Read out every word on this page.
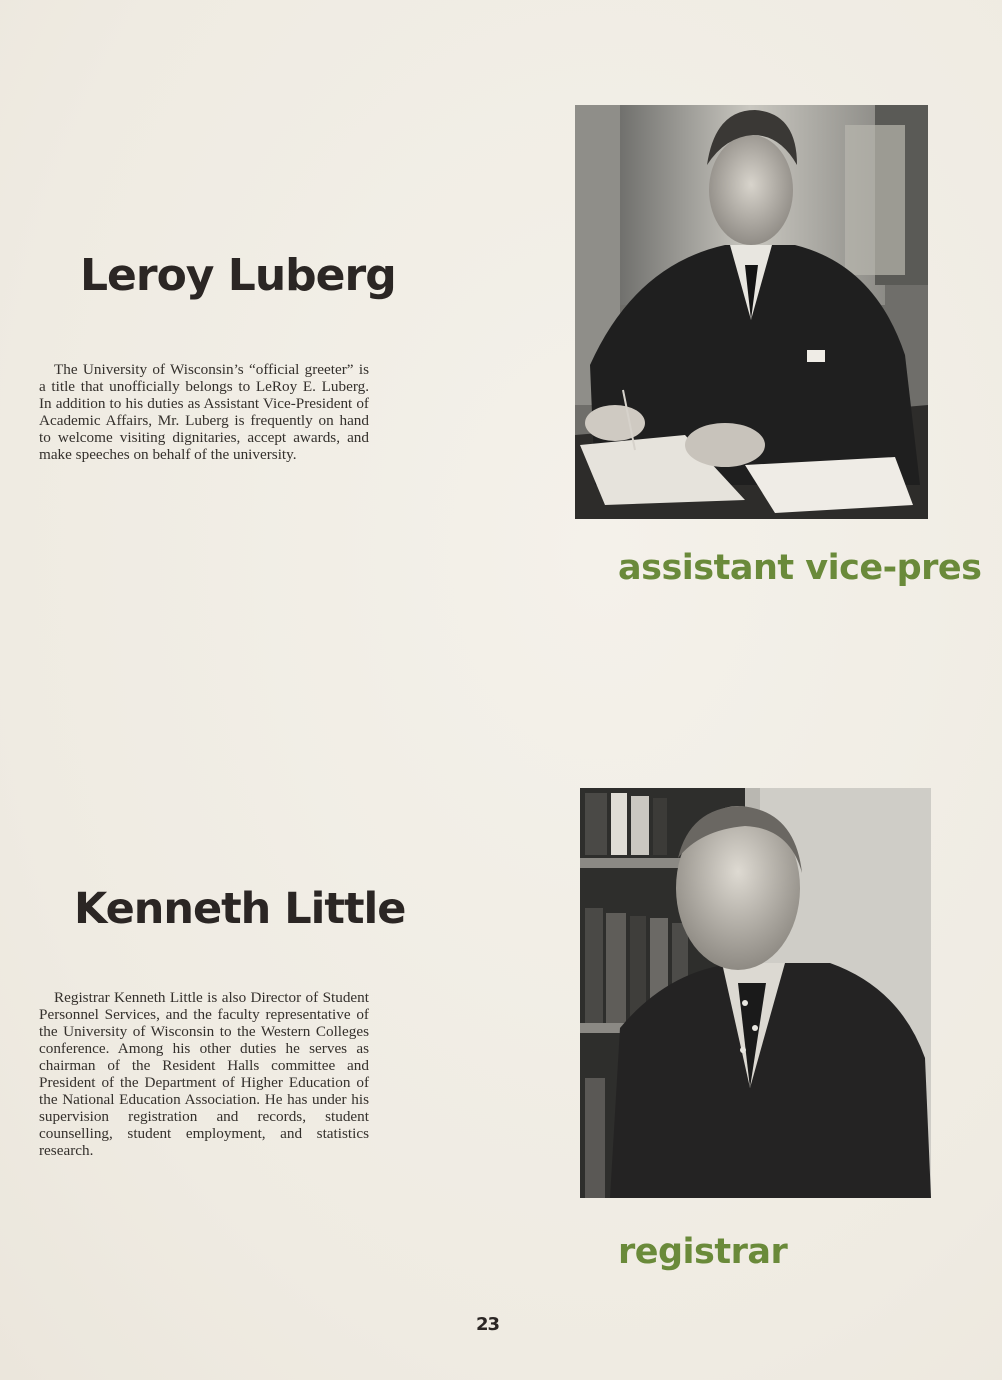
Leroy Luberg

The University of Wisconsin’s “official greeter” is a title that unofficially belongs to LeRoy E. Luberg. In addition to his duties as Assistant Vice-President of Academic Affairs, Mr. Luberg is frequently on hand to welcome visiting dignitaries, accept awards, and make speeches on behalf of the university.

assistant vice-pres
Kenneth Little

Registrar Kenneth Little is also Director of Student Personnel Services, and the faculty representative of the University of Wisconsin to the Western Colleges conference. Among his other duties he serves as chairman of the Resident Halls committee and President of the Department of Higher Education of the National Education Association. He has under his supervision registration and records, student counselling, student employment, and statistics research.

registrar
23
